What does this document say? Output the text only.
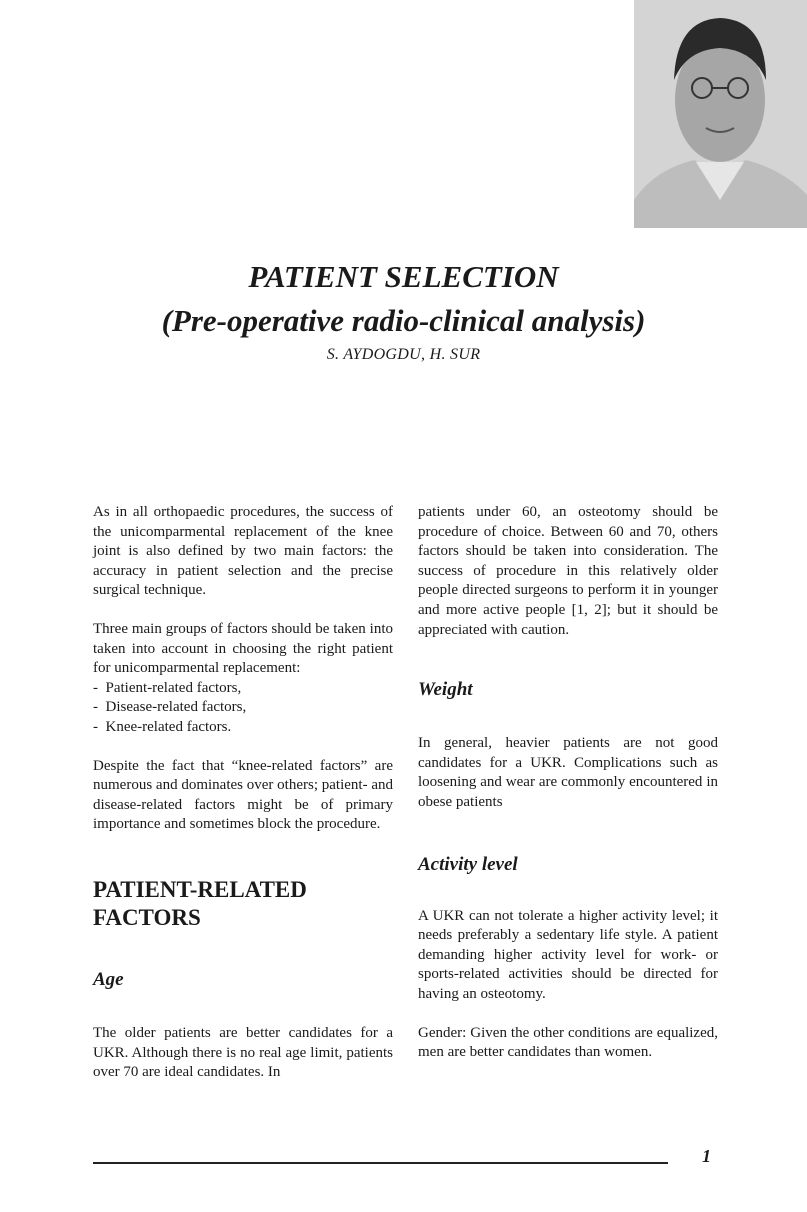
PATIENT SELECTION
(Pre-operative radio-clinical analysis)
S. AYDOGDU, H. SUR

As in all orthopaedic procedures, the success of the unicomparmental replacement of the knee joint is also defined by two main factors: the accuracy in patient selection and the precise surgical technique.

Three main groups of factors should be taken into taken into account in choosing the right patient for unicomparmental replacement:

- Patient-related factors,
- Disease-related factors,
- Knee-related factors.

Despite the fact that “knee-related factors” are numerous and dominates over others; patient- and disease-related factors might be of primary importance and sometimes block the procedure.

PATIENT-RELATED FACTORS
Age

The older patients are better candidates for a UKR. Although there is no real age limit, patients over 70 are ideal candidates. In

patients under 60, an osteotomy should be procedure of choice. Between 60 and 70, others factors should be taken into consideration. The success of procedure in this relatively older people directed surgeons to perform it in younger and more active people [1, 2]; but it should be appreciated with caution.

Weight

In general, heavier patients are not good candidates for a UKR. Complications such as loosening and wear are commonly encountered in obese patients

Activity level

A UKR can not tolerate a higher activity level; it needs preferably a sedentary life style. A patient demanding higher activity level for work- or sports-related activities should be directed for having an osteotomy.

Gender: Given the other conditions are equalized, men are better candidates than women.

1
